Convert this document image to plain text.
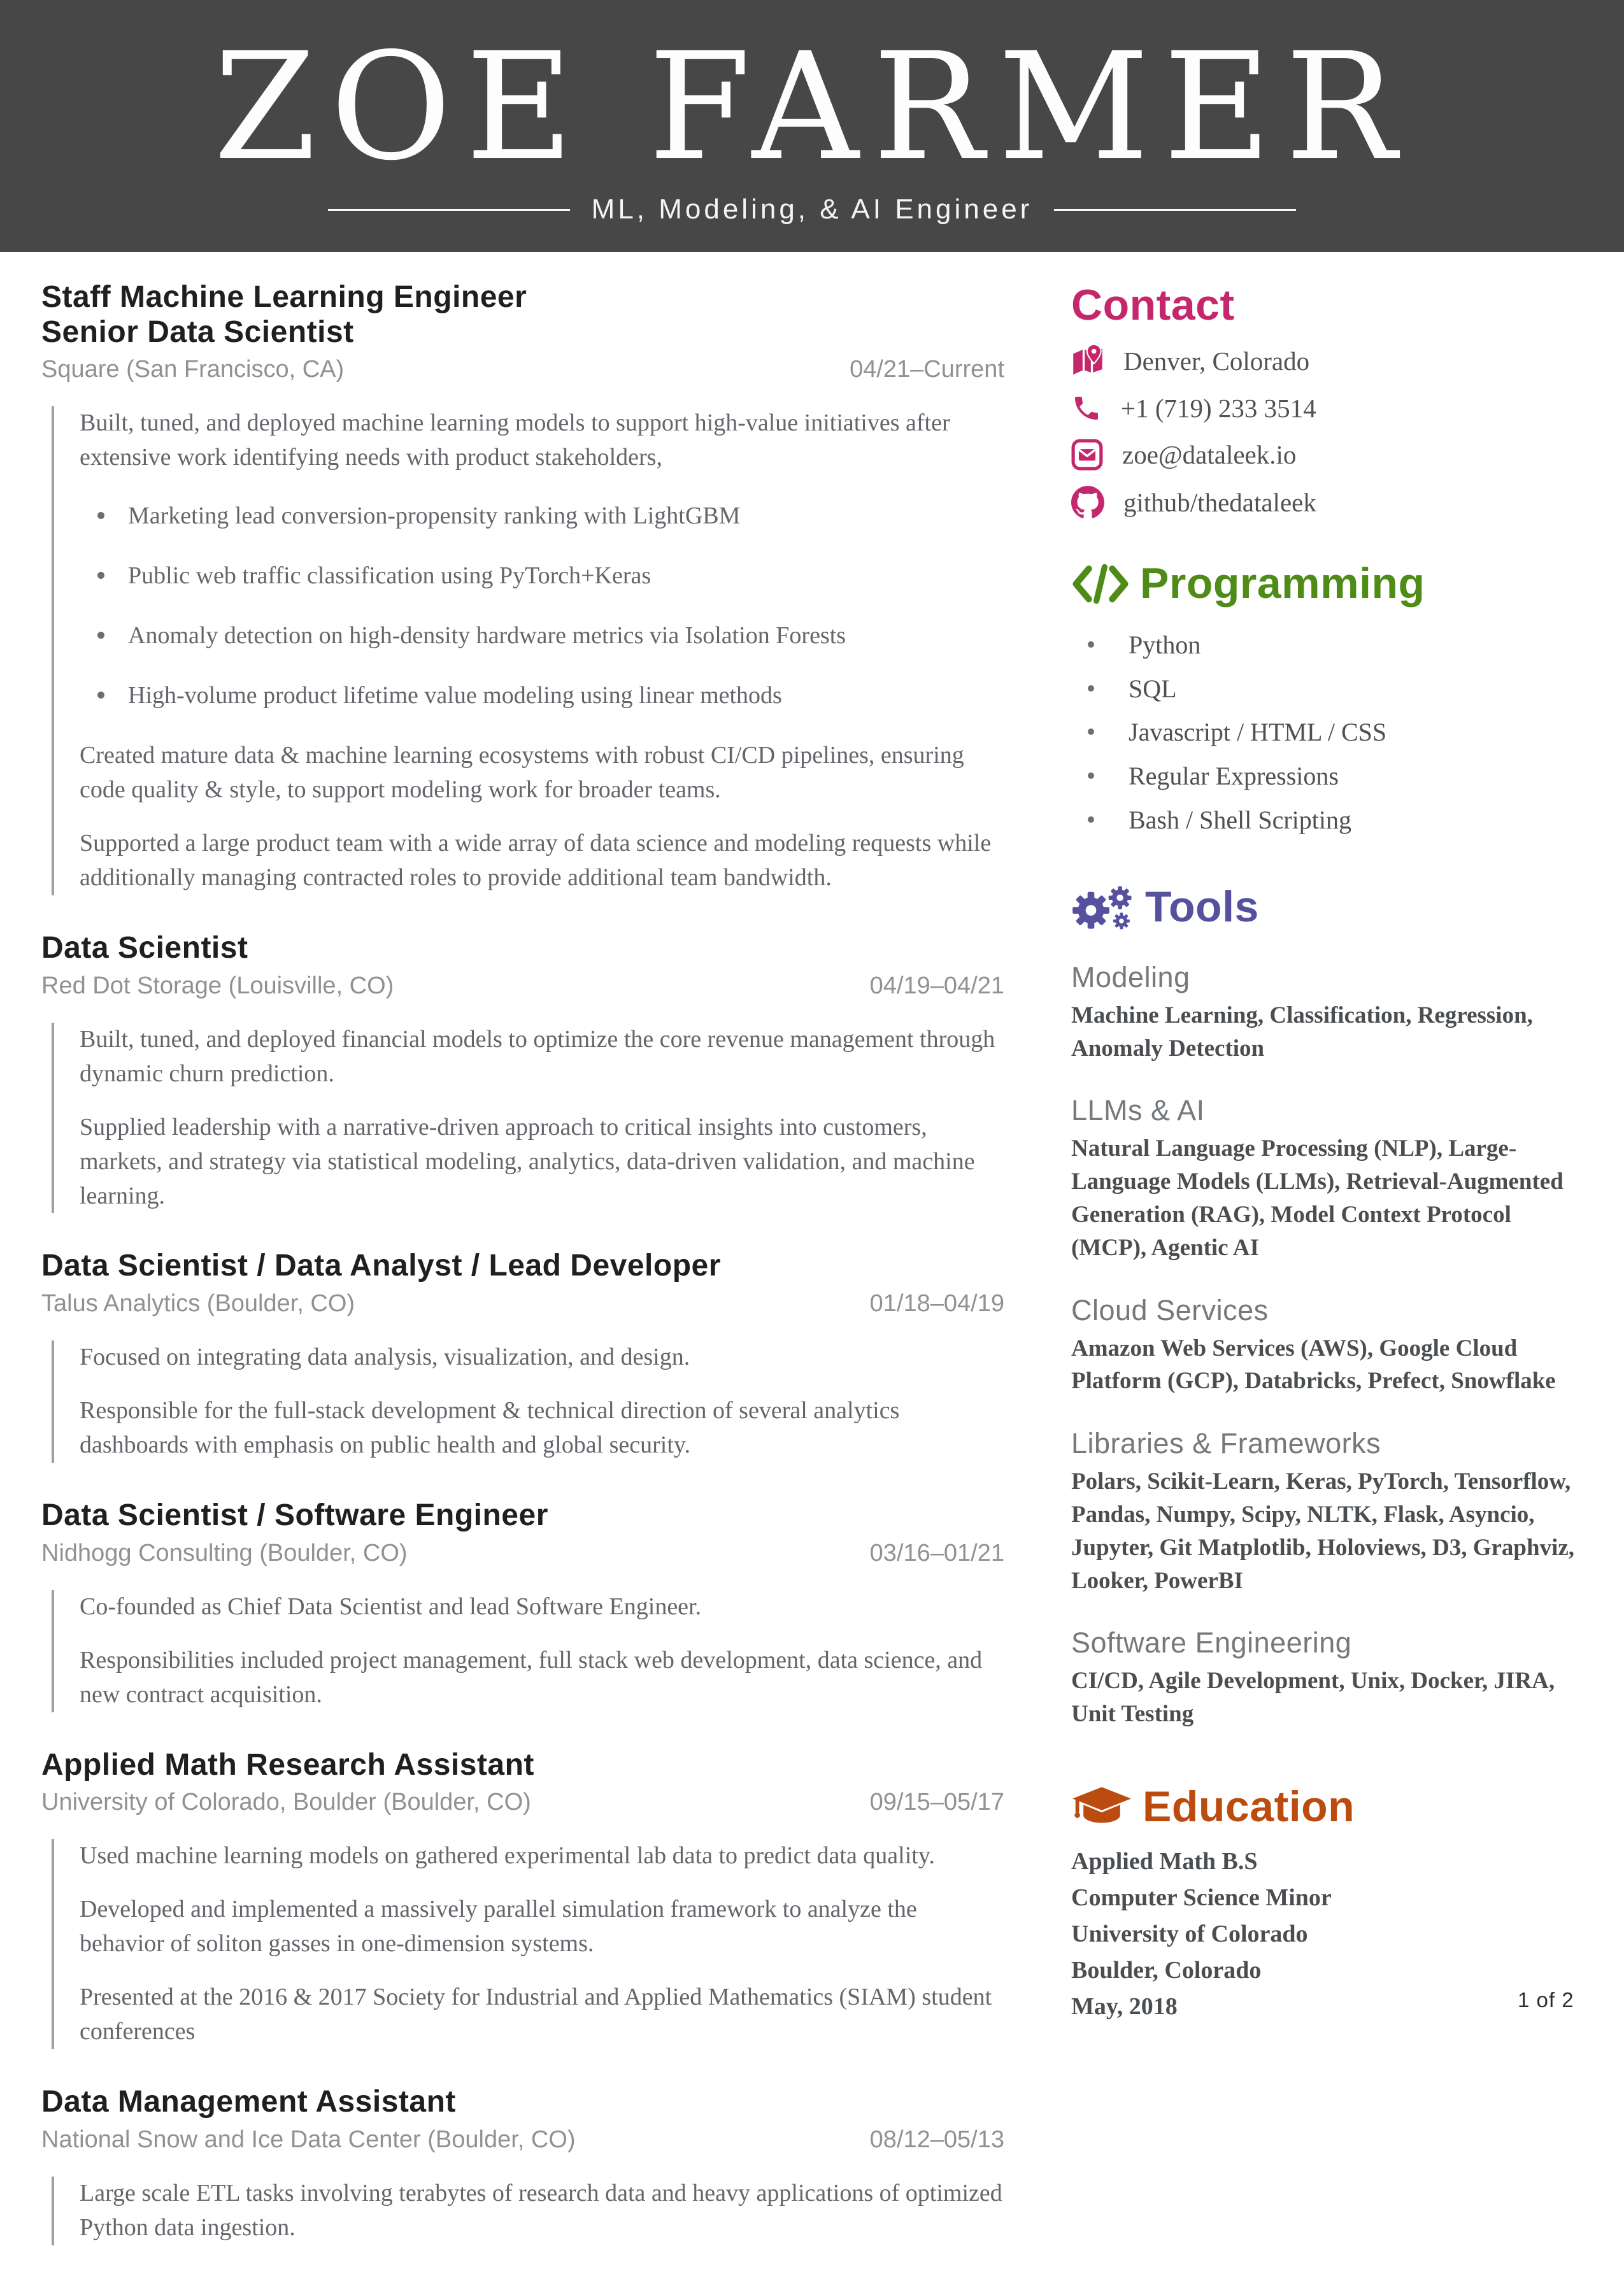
ZOE FARMER
ML, Modeling, & AI Engineer
Staff Machine Learning Engineer
Senior Data Scientist
Square (San Francisco, CA)	04/21–Current

Built, tuned, and deployed machine learning models to support high-value initiatives after extensive work identifying needs with product stakeholders,

Marketing lead conversion-propensity ranking with LightGBM
Public web traffic classification using PyTorch+Keras
Anomaly detection on high-density hardware metrics via Isolation Forests
High-volume product lifetime value modeling using linear methods

Created mature data & machine learning ecosystems with robust CI/CD pipelines, ensuring code quality & style, to support modeling work for broader teams.

Supported a large product team with a wide array of data science and modeling requests while additionally managing contracted roles to provide additional team bandwidth.

Data Scientist
Red Dot Storage (Louisville, CO)	04/19–04/21

Built, tuned, and deployed financial models to optimize the core revenue management through dynamic churn prediction.

Supplied leadership with a narrative-driven approach to critical insights into customers, markets, and strategy via statistical modeling, analytics, data-driven validation, and machine learning.

Data Scientist / Data Analyst / Lead Developer
Talus Analytics (Boulder, CO)	01/18–04/19

Focused on integrating data analysis, visualization, and design.

Responsible for the full-stack development & technical direction of several analytics dashboards with emphasis on public health and global security.

Data Scientist / Software Engineer
Nidhogg Consulting (Boulder, CO)	03/16–01/21

Co-founded as Chief Data Scientist and lead Software Engineer.

Responsibilities included project management, full stack web development, data science, and new contract acquisition.

Applied Math Research Assistant
University of Colorado, Boulder (Boulder, CO)	09/15–05/17

Used machine learning models on gathered experimental lab data to predict data quality.

Developed and implemented a massively parallel simulation framework to analyze the behavior of soliton gasses in one-dimension systems.

Presented at the 2016 & 2017 Society for Industrial and Applied Mathematics (SIAM) student conferences

Data Management Assistant
National Snow and Ice Data Center (Boulder, CO)	08/12–05/13

Large scale ETL tasks involving terabytes of research data and heavy applications of optimized Python data ingestion.

Contact
Denver, Colorado
+1 (719) 233 3514
zoe@dataleek.io
github/thedataleek
Programming
Python
SQL
Javascript / HTML / CSS
Regular Expressions
Bash / Shell Scripting
Tools
Modeling
Machine Learning, Classification, Regression, Anomaly Detection
LLMs & AI
Natural Language Processing (NLP), Large-Language Models (LLMs), Retrieval-Augmented Generation (RAG), Model Context Protocol (MCP), Agentic AI
Cloud Services
Amazon Web Services (AWS), Google Cloud Platform (GCP), Databricks, Prefect, Snowflake
Libraries & Frameworks
Polars, Scikit-Learn, Keras, PyTorch, Tensorflow, Pandas, Numpy, Scipy, NLTK, Flask, Asyncio, Jupyter, Git Matplotlib, Holoviews, D3, Graphviz, Looker, PowerBI
Software Engineering
CI/CD, Agile Development, Unix, Docker, JIRA, Unit Testing
Education
Applied Math B.S
Computer Science Minor
University of Colorado
Boulder, Colorado
May, 2018	1 of 2
